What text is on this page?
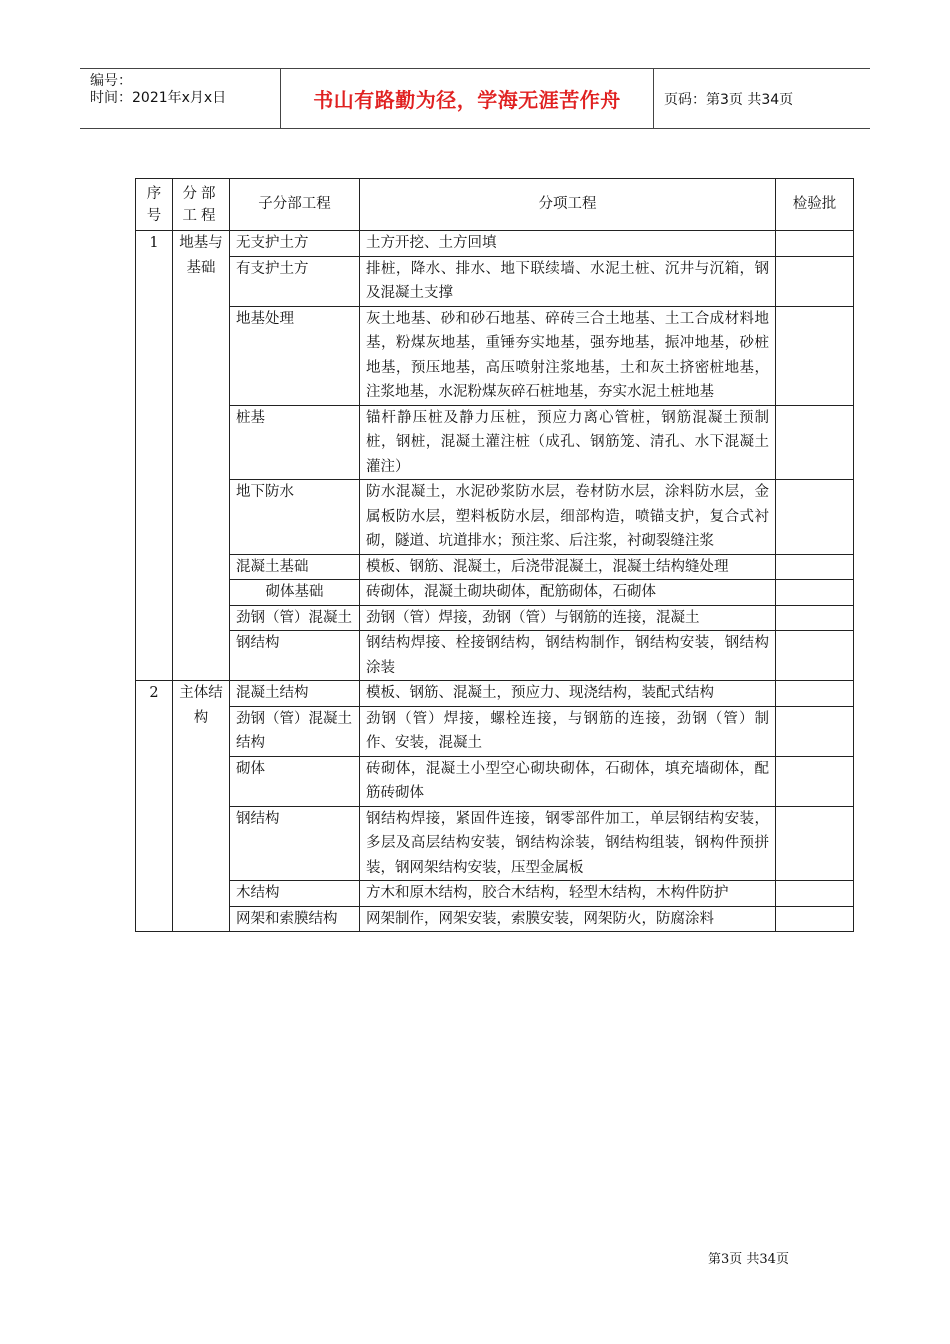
编号：
时间：2021年x月x日	书山有路勤为径，学海无涯苦作舟	页码：第3页 共34页
序号	分部工程	子分部工程	分项工程	检验批
1	地基与基础	无支护土方	土方开挖、土方回填	
		有支护土方	排桩，降水、排水、地下联续墙、水泥土桩、沉井与沉箱，钢及混凝土支撑	
		地基处理	灰土地基、砂和砂石地基、碎砖三合土地基、土工合成材料地基，粉煤灰地基，重锤夯实地基，强夯地基，振冲地基，砂桩地基，预压地基，高压喷射注浆地基，土和灰土挤密桩地基，注浆地基，水泥粉煤灰碎石桩地基，夯实水泥土桩地基	
		桩基	锚杆静压桩及静力压桩，预应力离心管桩，钢筋混凝土预制桩，钢桩，混凝土灌注桩（成孔、钢筋笼、清孔、水下混凝土灌注）	
		地下防水	防水混凝土，水泥砂浆防水层，卷材防水层，涂料防水层，金属板防水层，塑料板防水层，细部构造，喷锚支护，复合式衬砌，隧道、坑道排水；预注浆、后注浆，衬砌裂缝注浆	
		混凝土基础	模板、钢筋、混凝土，后浇带混凝土，混凝土结构缝处理	
		砌体基础	砖砌体，混凝土砌块砌体，配筋砌体，石砌体	
		劲钢（管）混凝土	劲钢（管）焊接，劲钢（管）与钢筋的连接，混凝土	
		钢结构	钢结构焊接、栓接钢结构，钢结构制作，钢结构安装，钢结构涂装	
2	主体结构	混凝土结构	模板、钢筋、混凝土，预应力、现浇结构，装配式结构	
		劲钢（管）混凝土结构	劲钢（管）焊接，螺栓连接，与钢筋的连接，劲钢（管）制作、安装，混凝土	
		砌体	砖砌体，混凝土小型空心砌块砌体，石砌体，填充墙砌体，配筋砖砌体	
		钢结构	钢结构焊接，紧固件连接，钢零部件加工，单层钢结构安装，多层及高层结构安装，钢结构涂装，钢结构组装，钢构件预拼装，钢网架结构安装，压型金属板	
		木结构	方木和原木结构，胶合木结构，轻型木结构，木构件防护	
		网架和索膜结构	网架制作，网架安装，索膜安装，网架防火，防腐涂料	
第3页 共34页
